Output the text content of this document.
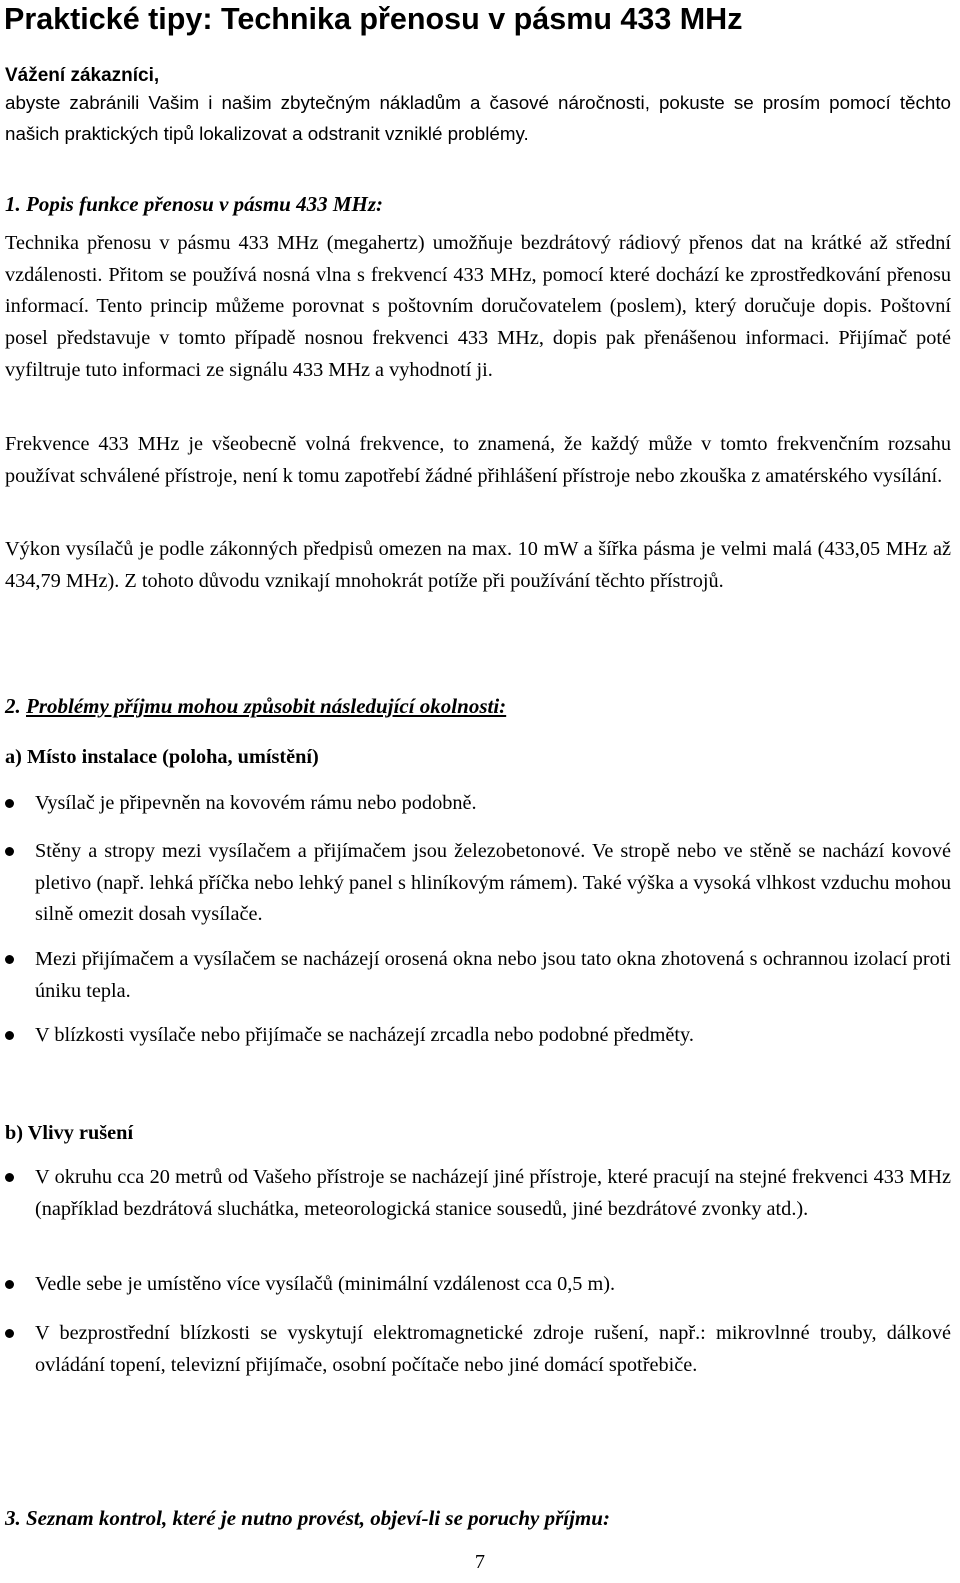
Praktické tipy: Technika přenosu v pásmu 433 MHz
Vážení zákazníci,

abyste zabránili Vašim i našim zbytečným nákladům a časové náročnosti, pokuste se prosím pomocí těchto našich praktických tipů lokalizovat a odstranit vzniklé problémy.

1. Popis funkce přenosu v pásmu 433 MHz:

Technika přenosu v pásmu 433 MHz (megahertz) umožňuje bezdrátový rádiový přenos dat na krátké až střední vzdálenosti. Přitom se používá nosná vlna s frekvencí 433 MHz, pomocí které dochází ke zprostředkování přenosu informací. Tento princip můžeme porovnat s poštovním doručovatelem (poslem), který doručuje dopis. Poštovní posel představuje v tomto případě nosnou frekvenci 433 MHz, dopis pak přenášenou informaci. Přijímač poté vyfiltruje tuto informaci ze signálu 433 MHz a vyhodnotí ji.

Frekvence 433 MHz je všeobecně volná frekvence, to znamená, že každý může v tomto frekvenčním rozsahu používat schválené přístroje, není k tomu zapotřebí žádné přihlášení přístroje nebo zkouška z amatérského vysílání.

Výkon vysílačů je podle zákonných předpisů omezen na max. 10 mW a šířka pásma je velmi malá (433,05 MHz až 434,79 MHz). Z tohoto důvodu vznikají mnohokrát potíže při používání těchto přístrojů.

2. Problémy příjmu mohou způsobit následující okolnosti:
a) Místo instalace (poloha, umístění)

Vysílač je připevněn na kovovém rámu nebo podobně.

Stěny a stropy mezi vysílačem a přijímačem jsou železobetonové. Ve stropě nebo ve stěně se nachází kovové pletivo (např. lehká příčka nebo lehký panel s hliníkovým rámem). Také výška a vysoká vlhkost vzduchu mohou silně omezit dosah vysílače.

Mezi přijímačem a vysílačem se nacházejí orosená okna nebo jsou tato okna zhotovená s ochrannou izolací proti úniku tepla.

V blízkosti vysílače nebo přijímače se nacházejí zrcadla nebo podobné předměty.

b) Vlivy rušení

V okruhu cca 20 metrů od Vašeho přístroje se nacházejí jiné přístroje, které pracují na stejné frekvenci 433 MHz (například bezdrátová sluchátka, meteorologická stanice sousedů, jiné bezdrátové zvonky atd.).

Vedle sebe je umístěno více vysílačů (minimální vzdálenost cca 0,5 m).

V bezprostřední blízkosti se vyskytují elektromagnetické zdroje rušení, např.: mikrovlnné trouby, dálkové ovládání topení, televizní přijímače, osobní počítače nebo jiné domácí spotřebiče.

3. Seznam kontrol, které je nutno provést, objeví-li se poruchy příjmu:
7
